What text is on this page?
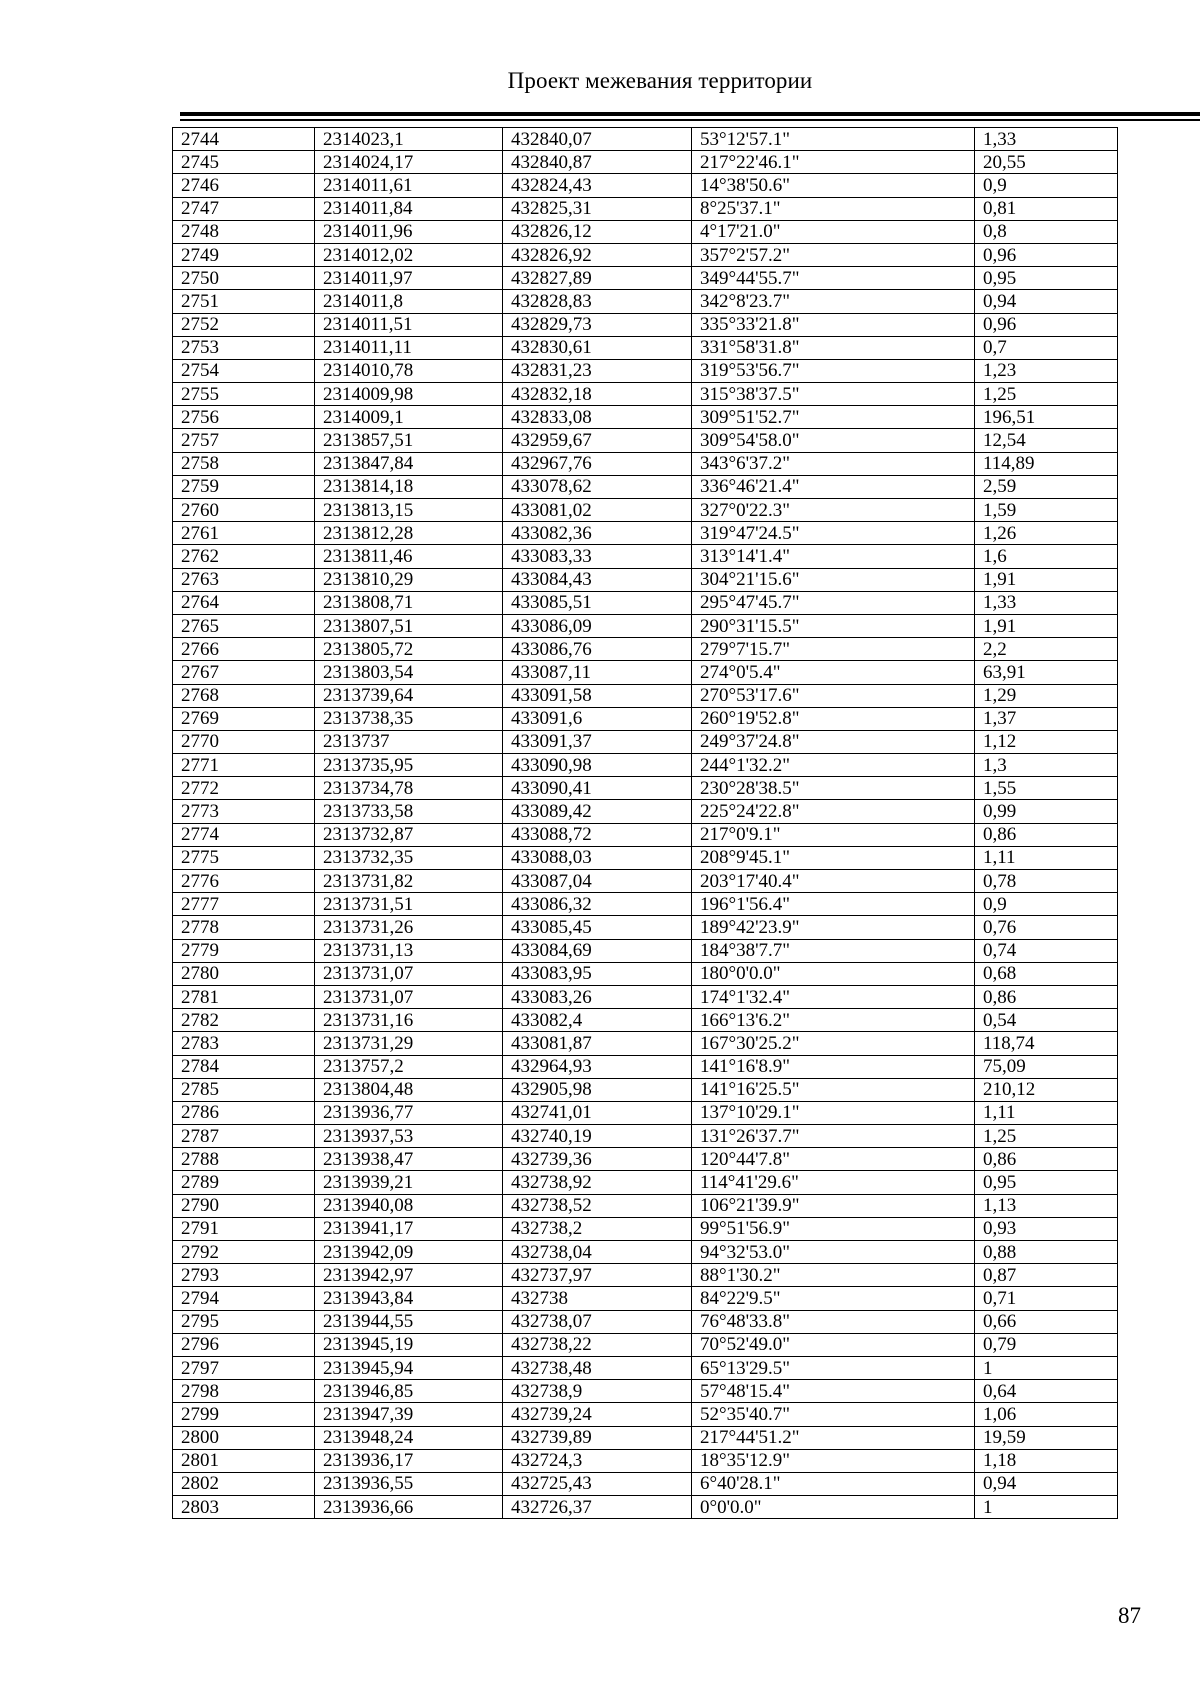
Проект межевания территории
2744	2314023,1	432840,07	53°12'57.1"	1,33
2745	2314024,17	432840,87	217°22'46.1"	20,55
2746	2314011,61	432824,43	14°38'50.6"	0,9
2747	2314011,84	432825,31	8°25'37.1"	0,81
2748	2314011,96	432826,12	4°17'21.0"	0,8
2749	2314012,02	432826,92	357°2'57.2"	0,96
2750	2314011,97	432827,89	349°44'55.7"	0,95
2751	2314011,8	432828,83	342°8'23.7"	0,94
2752	2314011,51	432829,73	335°33'21.8"	0,96
2753	2314011,11	432830,61	331°58'31.8"	0,7
2754	2314010,78	432831,23	319°53'56.7"	1,23
2755	2314009,98	432832,18	315°38'37.5"	1,25
2756	2314009,1	432833,08	309°51'52.7"	196,51
2757	2313857,51	432959,67	309°54'58.0"	12,54
2758	2313847,84	432967,76	343°6'37.2"	114,89
2759	2313814,18	433078,62	336°46'21.4"	2,59
2760	2313813,15	433081,02	327°0'22.3"	1,59
2761	2313812,28	433082,36	319°47'24.5"	1,26
2762	2313811,46	433083,33	313°14'1.4"	1,6
2763	2313810,29	433084,43	304°21'15.6"	1,91
2764	2313808,71	433085,51	295°47'45.7"	1,33
2765	2313807,51	433086,09	290°31'15.5"	1,91
2766	2313805,72	433086,76	279°7'15.7"	2,2
2767	2313803,54	433087,11	274°0'5.4"	63,91
2768	2313739,64	433091,58	270°53'17.6"	1,29
2769	2313738,35	433091,6	260°19'52.8"	1,37
2770	2313737	433091,37	249°37'24.8"	1,12
2771	2313735,95	433090,98	244°1'32.2"	1,3
2772	2313734,78	433090,41	230°28'38.5"	1,55
2773	2313733,58	433089,42	225°24'22.8"	0,99
2774	2313732,87	433088,72	217°0'9.1"	0,86
2775	2313732,35	433088,03	208°9'45.1"	1,11
2776	2313731,82	433087,04	203°17'40.4"	0,78
2777	2313731,51	433086,32	196°1'56.4"	0,9
2778	2313731,26	433085,45	189°42'23.9"	0,76
2779	2313731,13	433084,69	184°38'7.7"	0,74
2780	2313731,07	433083,95	180°0'0.0"	0,68
2781	2313731,07	433083,26	174°1'32.4"	0,86
2782	2313731,16	433082,4	166°13'6.2"	0,54
2783	2313731,29	433081,87	167°30'25.2"	118,74
2784	2313757,2	432964,93	141°16'8.9"	75,09
2785	2313804,48	432905,98	141°16'25.5"	210,12
2786	2313936,77	432741,01	137°10'29.1"	1,11
2787	2313937,53	432740,19	131°26'37.7"	1,25
2788	2313938,47	432739,36	120°44'7.8"	0,86
2789	2313939,21	432738,92	114°41'29.6"	0,95
2790	2313940,08	432738,52	106°21'39.9"	1,13
2791	2313941,17	432738,2	99°51'56.9"	0,93
2792	2313942,09	432738,04	94°32'53.0"	0,88
2793	2313942,97	432737,97	88°1'30.2"	0,87
2794	2313943,84	432738	84°22'9.5"	0,71
2795	2313944,55	432738,07	76°48'33.8"	0,66
2796	2313945,19	432738,22	70°52'49.0"	0,79
2797	2313945,94	432738,48	65°13'29.5"	1
2798	2313946,85	432738,9	57°48'15.4"	0,64
2799	2313947,39	432739,24	52°35'40.7"	1,06
2800	2313948,24	432739,89	217°44'51.2"	19,59
2801	2313936,17	432724,3	18°35'12.9"	1,18
2802	2313936,55	432725,43	6°40'28.1"	0,94
2803	2313936,66	432726,37	0°0'0.0"	1
87
